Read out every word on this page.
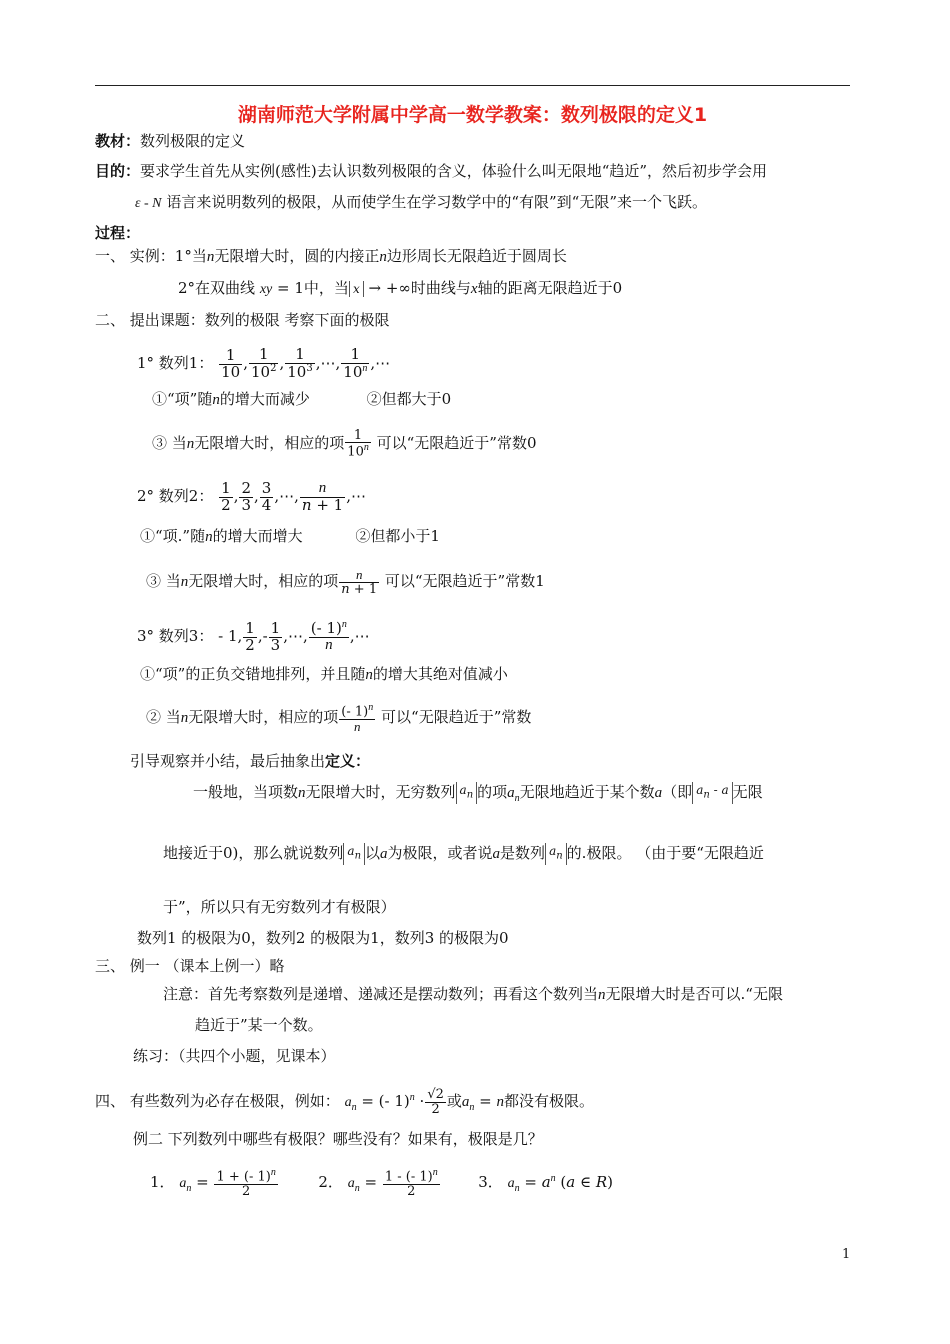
湖南师范大学附属中学高一数学教案：数列极限的定义1
教材：数列极限的定义
目的：要求学生首先从实例(感性)去认识数列极限的含义，体验什么叫无限地“趋近”，然后初步学会用
ε - N 语言来说明数列的极限，从而使学生在学习数学中的“有限”到“无限”来一个飞跃。
过程：
一、 实例：1°当n无限增大时，圆的内接正n边形周长无限趋近于圆周长
2°在双曲线 xy = 1中，当 x → +∞时曲线与x轴的距离无限趋近于0
二、 提出课题：数列的极限 考察下面的极限
1° 数列1： $\frac{1}{10}$ , $\frac{1}{10^2}$ , $\frac{1}{10^3}$ ,⋯, $\frac{1}{10^n}$ ,⋯
①“项”随n的增大而减少	②但都大于0
③ 当n无限增大时，相应的项 $\frac{1}{10^n}$ 可以“无限趋近于”常数0
2° 数列2： $\frac{1}{2}$ , $\frac{2}{3}$ , $\frac{3}{4}$ ,⋯, $\frac{n}{n + 1}$ ,⋯
①“项.”随n的增大而增大	②但都小于1
③ 当n无限增大时，相应的项 $\frac{n}{n + 1}$ 可以“无限趋近于”常数1
3° 数列3： - 1, $\frac{1}{2}$ ,- $\frac{1}{3}$ ,⋯, $\frac{(- 1)^n}{n}$ ,⋯
①“项”的正负交错地排列，并且随n的增大其绝对值减小
② 当n无限增大时，相应的项 $\frac{(- 1)^n}{n}$ 可以“无限趋近于”常数
引导观察并小结，最后抽象出定义：
一般地，当项数n无限增大时，无穷数列 $a_n$ 的项$a_n$无限地趋近于某个数a（即 $a_n$ - a 无限
地接近于0)，那么就说数列 $a_n$ 以a为极限，或者说a是数列 $a_n$ 的.极限。 （由于要“无限趋近
于”，所以只有无穷数列才有极限）
数列1 的极限为0，数列2 的极限为1，数列3 的极限为0
三、 例一 （课本上例一）略
注意：首先考察数列是递增、递减还是摆动数列；再看这个数列当n无限增大时是否可以.“无限
趋近于”某一个数。
练习：（共四个小题，见课本）
四、 有些数列为必存在极限，例如： $a_n$ = (- $1)^n \cdot \frac{√2}{2}$ 或$a_n = n$都没有极限。
例二 下列数列中哪些有极限？哪些没有？如果有，极限是几？
1． $a_n = \frac{1 + (- 1)^n}{2}$	2． $a_n = \frac{1 - (- 1)^n}{2}$	3． $a_n = a^n$ (a ∈ R)
1
